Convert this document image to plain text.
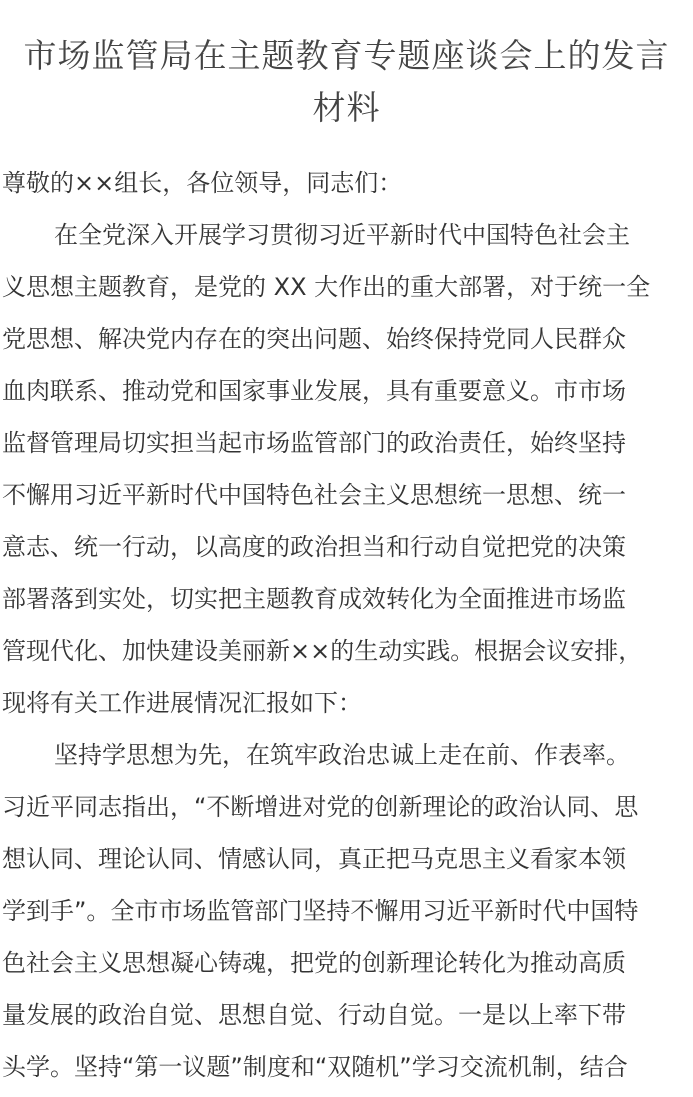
市场监管局在主题教育专题座谈会上的发言
材料
尊敬的××组长，各位领导，同志们：
在全党深入开展学习贯彻习近平新时代中国特色社会主
义思想主题教育，是党的 XX 大作出的重大部署，对于统一全
党思想、解决党内存在的突出问题、始终保持党同人民群众
血肉联系、推动党和国家事业发展，具有重要意义。市市场
监督管理局切实担当起市场监管部门的政治责任，始终坚持
不懈用习近平新时代中国特色社会主义思想统一思想、统一
意志、统一行动，以高度的政治担当和行动自觉把党的决策
部署落到实处，切实把主题教育成效转化为全面推进市场监
管现代化、加快建设美丽新××的生动实践。根据会议安排，
现将有关工作进展情况汇报如下：
坚持学思想为先，在筑牢政治忠诚上走在前、作表率。
习近平同志指出，“不断增进对党的创新理论的政治认同、思
想认同、理论认同、情感认同，真正把马克思主义看家本领
学到手”。全市市场监管部门坚持不懈用习近平新时代中国特
色社会主义思想凝心铸魂，把党的创新理论转化为推动高质
量发展的政治自觉、思想自觉、行动自觉。一是以上率下带
头学。坚持“第一议题”制度和“双随机”学习交流机制，结合
